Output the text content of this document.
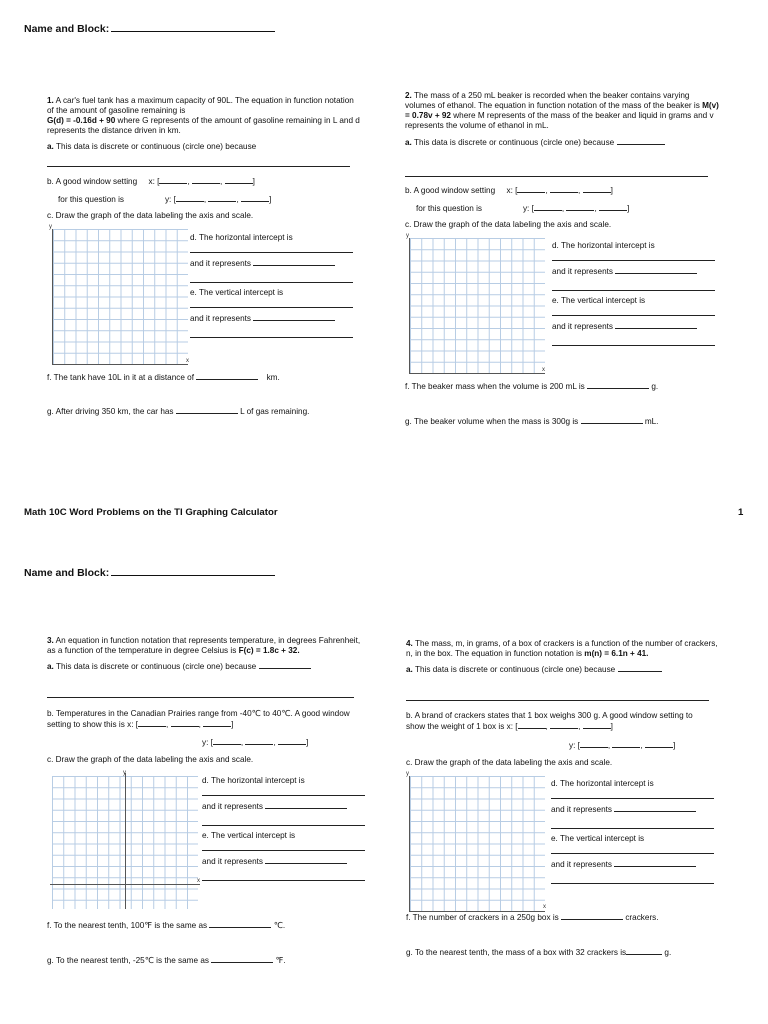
Name and Block:

1. A car's fuel tank has a maximum capacity of 90L. The equation in function notation of the amount of gasoline remaining is
G(d) = -0.16d + 90 where G represents of the amount of gasoline remaining in L and d represents the distance driven in km.

a. This data is discrete or continuous (circle one) because

b. A good window setting x: [	,	,	]
for this question is	y: [	,	,	]
c. Draw the graph of the data labeling the axis and scale.
y
x
d. The horizontal intercept is
and it represents
e. The vertical intercept is
and it represents
f. The tank have 10L in it at a distance of	km.
g. After driving 350 km, the car has	L of gas remaining.

2. The mass of a 250 mL beaker is recorded when the beaker contains varying volumes of ethanol. The equation in function notation of the mass of the beaker is M(v) = 0.78v + 92 where M represents of the mass of the beaker and liquid in grams and v represents the volume of ethanol in mL.

a. This data is discrete or continuous (circle one) because

b. A good window setting x: [	,	,	]
for this question is	y: [	,	,	]
c. Draw the graph of the data labeling the axis and scale.
y
x
d. The horizontal intercept is
and it represents
e. The vertical intercept is
and it represents
f. The beaker mass when the volume is 200 mL is	g.
g. The beaker volume when the mass is 300g is	mL.
Math 10C Word Problems on the TI Graphing Calculator	1
Name and Block:

3. An equation in function notation that represents temperature, in degrees Fahrenheit, as a function of the temperature in degree Celsius is F(c) = 1.8c + 32.

a. This data is discrete or continuous (circle one) because

b. Temperatures in the Canadian Prairies range from -40℃ to 40℃. A good window setting to show this is x: [	,	,	]
y: [	,	,	]
c. Draw the graph of the data labeling the axis and scale.
y
x
d. The horizontal intercept is
and it represents
e. The vertical intercept is
and it represents
f. To the nearest tenth, 100℉ is the same as	℃.
g. To the nearest tenth, -25℃ is the same as	℉.

4. The mass, m, in grams, of a box of crackers is a function of the number of crackers, n, in the box. The equation in function notation is m(n) = 6.1n + 41.

a. This data is discrete or continuous (circle one) because

b. A brand of crackers states that 1 box weighs 300 g. A good window setting to show the weight of 1 box is x: [	,	,	]
y: [	,	,	]
c. Draw the graph of the data labeling the axis and scale.
y
x
d. The horizontal intercept is
and it represents
e. The vertical intercept is
and it represents
f. The number of crackers in a 250g box is	crackers.
g. To the nearest tenth, the mass of a box with 32 crackers is	g.
